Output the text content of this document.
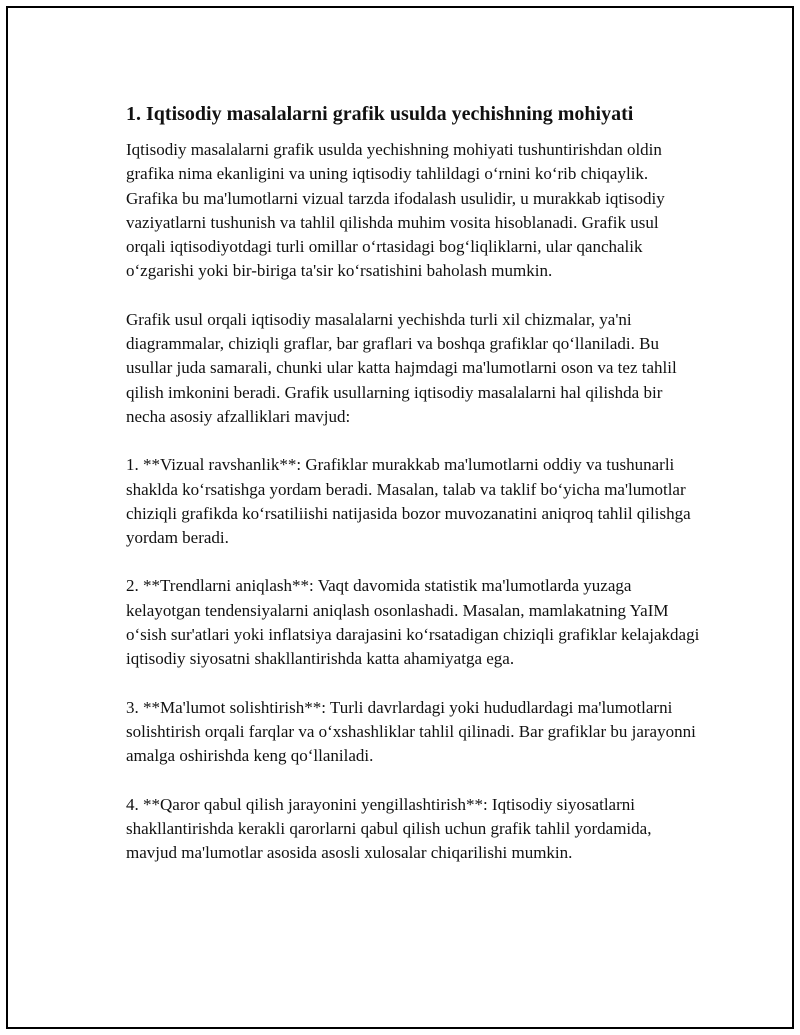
1. Iqtisodiy masalalarni grafik usulda yechishning mohiyati

Iqtisodiy masalalarni grafik usulda yechishning mohiyati tushuntirishdan oldin grafika nima ekanligini va uning iqtisodiy tahlildagi oʻrnini koʻrib chiqaylik. Grafika bu ma'lumotlarni vizual tarzda ifodalash usulidir, u murakkab iqtisodiy vaziyatlarni tushunish va tahlil qilishda muhim vosita hisoblanadi. Grafik usul orqali iqtisodiyotdagi turli omillar oʻrtasidagi bogʻliqliklarni, ular qanchalik oʻzgarishi yoki bir-biriga ta'sir koʻrsatishini baholash mumkin.

Grafik usul orqali iqtisodiy masalalarni yechishda turli xil chizmalar, ya'ni diagrammalar, chiziqli graflar, bar graflari va boshqa grafiklar qoʻllaniladi. Bu usullar juda samarali, chunki ular katta hajmdagi ma'lumotlarni oson va tez tahlil qilish imkonini beradi. Grafik usullarning iqtisodiy masalalarni hal qilishda bir necha asosiy afzalliklari mavjud:

1. **Vizual ravshanlik**: Grafiklar murakkab ma'lumotlarni oddiy va tushunarli shaklda koʻrsatishga yordam beradi. Masalan, talab va taklif boʻyicha ma'lumotlar chiziqli grafikda koʻrsatiliishi natijasida bozor muvozanatini aniqroq tahlil qilishga yordam beradi.

2. **Trendlarni aniqlash**: Vaqt davomida statistik ma'lumotlarda yuzaga kelayotgan tendensiyalarni aniqlash osonlashadi. Masalan, mamlakatning YaIM oʻsish sur'atlari yoki inflatsiya darajasini koʻrsatadigan chiziqli grafiklar kelajakdagi iqtisodiy siyosatni shakllantirishda katta ahamiyatga ega.

3. **Ma'lumot solishtirish**: Turli davrlardagi yoki hududlardagi ma'lumotlarni solishtirish orqali farqlar va oʻxshashliklar tahlil qilinadi. Bar grafiklar bu jarayonni amalga oshirishda keng qoʻllaniladi.

4. **Qaror qabul qilish jarayonini yengillashtirish**: Iqtisodiy siyosatlarni shakllantirishda kerakli qarorlarni qabul qilish uchun grafik tahlil yordamida, mavjud ma'lumotlar asosida asosli xulosalar chiqarilishi mumkin.
